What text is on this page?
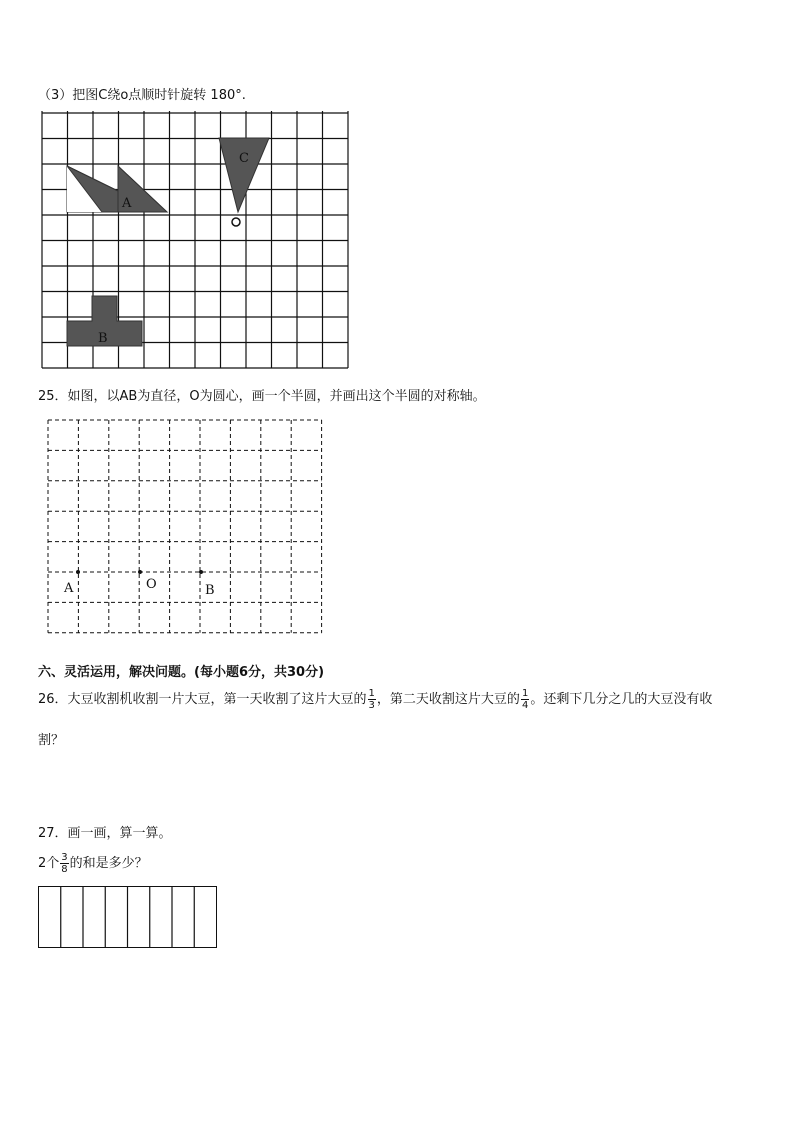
（3）把图C绕o点顺时针旋转 180°.
A
B
C
25．如图，以AB为直径，O为圆心，画一个半圆，并画出这个半圆的对称轴。
A	O	B
六、灵活运用，解决问题。(每小题6分，共30分)
26．大豆收割机收割一片大豆，第一天收割了这片大豆的 $\frac{1}{3}$ ，第二天收割这片大豆的 $\frac{1}{4}$ 。还剩下几分之几的大豆没有收
割？
27．画一画，算一算。
2个 $\frac{3}{8}$ 的和是多少？
